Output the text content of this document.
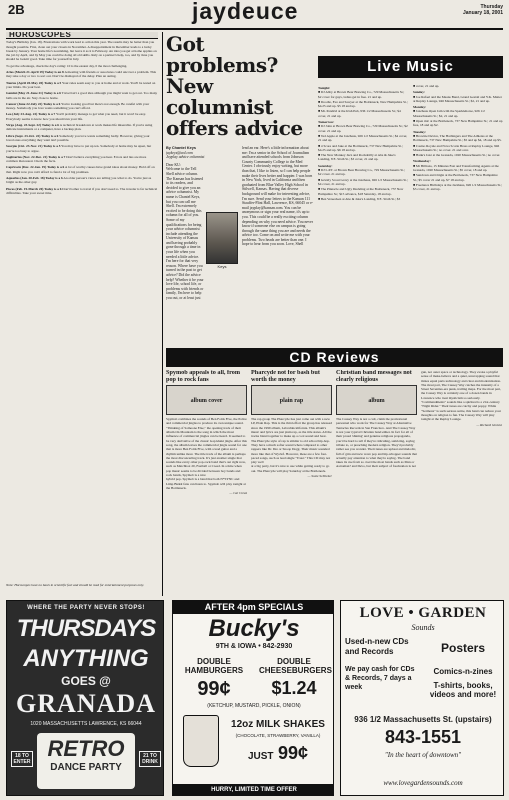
2B	jaydeuce	Thursday
January 18, 2001
HOROSCOPES

Today's Birthday (Jan. 18). Frustrations with work lead to action this year. The results may be better than you thought possible. First, clean out your closets in November. A disappointment in December leads to a lucky break by January. Your home life's nourishing, but leave it as it is February. An idea you get at home applies on the job by April, and by May you could be doing all old skills. Rely on a partner's help, too, and by June you should be lookin' good. Take time for yourself in July.

To get the advantage, check the day's rating: 10 is the easiest day, 0 the most challenging.

Aries (March 21-April 19) Today is an 8 A meeting with friends or associates could uncover a problem. This may take a day or two to sort out. Don't be dismayed of the delay. Plan an outing.

Taurus (April 20-May 20) Today is a 5 Your rules seem easy to you at home and at work. You'll be tested on your limits. Do your best.

Gemini (May 21-June 21) Today is a 6 Travel isn't a good idea although you might want to get out. Too many balls are in the air. Stay close to home.

Cancer (June 22-July 22) Today is a 6 You're looking good but there's not enough. Be careful with your money. Somebody you love wants something you can't afford.

Leo (July 23-Aug. 22) Today is a 7 You'll probably manage to get what you need, but it won't be easy. Everybody seems to know how you should run your life.

Virgo (Aug. 23-Sept. 22) Today is a 6 A technical breakdown at work makes life miserable. If you're using delicate instruments or a computer, have a backup plan.

Libra (Sept. 23-Oct. 22) Today is a 6 Somebody you love wants something badly. However, giving your loved ones everything they want isn't possible.

Scorpio (Oct. 23-Nov. 21) Today is a 5 You may have to put up ten. Somebody at home may be upset, but you're too busy to argue.

Sagittarius (Nov. 22-Dec. 21) Today is a 7 Don't believe everything you hear. Errors and lies are more common than usual. Check the facts.

Capricorn (Dec. 22-Jan. 19) Today is a 6 A lot of worthy causes have grand ideas about money. Hold off on that. Right now you can't afford to fund a lot of big promises.

Aquarius (Jan. 20-Feb. 18) Today is a 6 An older person's views are telling you what to do. You're just as bright as the other guy.

Pisces (Feb. 19-March 20) Today is a 6 Don't bother to travel if you don't need to. The traveler is far technical difficulties. Take your sweet time.

Note: Horoscopes have no basis in scientific fact and should be read for entertainment purposes only.
Got problems? New columnist offers advice
By Chantel Keys
jaykeys@aol.com
Jayplay advice columnist
Dear KU:
Welcome to the Tell Shell advice column. The Kansan has listened to its readers, and decided to give you an advice columnist. My name is Chantel Keys, but you can call me Shell. I'm extremely excited to be doing this column for all of you. Some of my qualifications for being your advice columnist include attending the University of Kansas and having probably gone through a time in your life when you needed a little advice. I'm here for that very reason. Where have you turned in the past to get advice? Did the advice help? Whether it be your love life, school life, or problems with friends or family, I'm here to help you out, or at least just
Keys
lend an ear. Here's a little information about me: I'm a senior in the School of Journalism and have attended schools from Johnson County Community College to the Med Center. I obviously enjoy writing, but more than that, I like to listen, so I can help people make their lives better and happier. I was born in New York, lived in California and then graduated from Blue Valley High School in Stilwell, Kansas. Having that diverse background will make for interesting advice, I'm sure. Send your letters to the Kansan 111 Stauffer-Flint Hall, Lawrence, KS, 66045 or e-mail jayplay@kansan.com. You can be anonymous or sign your real name, it's up to you. This could be a really exciting column depending on why you need advice. You never know if someone else on campus is going through the same thing you are and needs the advice too. Come on and write me with your problems. Two heads are better than one. I hope to hear from you soon. Love, Shell
Live Music
Tonight:
■ DJ Abby at Brown Bear Brewing Co., 729 Massachusetts St.; $2 cover for guys, ladies get in free. 21 and up.
■ Doodle, Eve and Sawyer at the Bottleneck, New Hampshire St.; $4.25 and up. $5 18 and up.
■ Mr. Pendrid at the Irish Pub, 936 1/2 Massachusetts St.; $4 cover, 21 and up.
Tomorrow:
■ DJ John at Brown Bear Brewing Co., 729 Massachusetts St.; $2 cover. 21 and up.
■ Ted Apple at the Jazzhaus, 926 1/2 Massachusetts St.; $4 cover, 21 and up.
■ 4 Score and Jake at the Bottleneck, 737 New Hampshire St.; $4.25 and up. $6 18 and up.
■ The New Monkey Jazz and Rockabilly at Abe & Jake's Landing, 8 E. Sixth St.; $3 cover, 21 and up.
Saturday:
■ DJ L.P.T. at Brown Bear Brewing Co., 729 Massachusetts St.; $2 cover. 21 and up.
■ Grizzly Scout Gravy at the Jazzhaus, 926 1/2 Massachusetts St.; $4 cover, 21 and up.
■ The Pinnacle and Ugly Duckling at the Bottleneck, 737 New Hampshire St.; $15 advance, $18 Saturday, 18 and up.
■ Ben Vereecken at Abe & Jake's Landing, 8 E. Sixth St.; $3
■ cover, 21 and up.
Sunday:
■ Joe Rafael and the Means Band, Grand Gestalt and Y.K. Matter at Replay Lounge, 946 Massachusetts St.; $2, 21 and up.
Monday:
■ Jazzhaus Open Jam with the Sparklehorse, 926 1/2 Massachusetts St.; $2, 21 and up.
■ Open mic at the Bottleneck, 737 New Hampshire St.; 21 and up free, 18 and up $2.
Tuesday:
■ Brownie Device, The Harbingers and The Athletes at the Bottleneck, 737 New Hampshire St.; $5 and up $4, 18 and up $5.
■ Casino Royale and Nova Scotia Brass at Replay Lounge, 946 Massachusetts St.; no cover. 21 and over.
■ Hank's Jazz at the Granada, 1020 Massachusetts St.; no cover.
Wednesday:
■ Mr Billions, 15 Minutes Fast and Transforming Agents at the Granada, 1020 Massachusetts St.; $5 cover, 18 and up.
■ Sundown and Origin at the Bottleneck, 737 New Hampshire St.; $5 cover 21 and up, $7 18 and up.
■ Freelance Birthdays at the Jazzhaus, 926 1/2 Massachusetts St.; $3 cover, 21 and up.
CD Reviews
Spymob appeals to all, from pop to rock fans
album cover
Spymob combines the sounds of Ben Folds Five, the Police and commercial jingles to produce its own unique sound. "Thinking of Someone Else," the opening track of their album On Mountain is the song in which the most influence of commercial jingles can be heard. It seemed to be very derivative of the classic Gap khaki jingle. After this song, the album leaves the commercial jingle sound for one that is more Ben Folds Five, with a lead guitar and a rhythm unlike most. The title track of the album is perhaps the most disconcerting track. It's just another single that sounds like every other pop-rock band that's out right now, such as Matchbox 20, Fastball or Creed. In a time when pop music seems to be divided between boy bands and rock bands, Spymob is a nice
hybrid pop. Spymob is a band that both N*SYNC and Limp Bizkit fans can listen to. Spymob will play tonight at the Bottleneck.
— Cal Creek
Pharcyde not for bash but worth the money
plain rap
The rap group The Pharcyde has just come out with a new LP, Plain Rap. This is the third effort the group has released since the 1999 album, Labcabincalifornia. This album's music and lyrics are just plain rap, as the title states. All the tracks blend together to make up a cool sound and beat. The Pharcyde style of rap is similar to old school hip-hop. They have a much softer sound when compared to other rappers like Dr. Dre or Snoop Dogg. Their music sounded more like that of Wyclef. However, these are a few fast-paced songs, such as lead single "Trust." This CD may not play well
at a big party, but it's nice to use while getting ready to go out. The Pharcyde will play Saturday at the Bottleneck.
— Susie Schlicker
Christian band messages not clearly religious
album
The Causey Way is not a cult, claim the promotional personnel who work for The Causey Way at Alternative Tentacles Records in San Francisco. And The Causey Way is not your typical Christian band either. In fact for all of their proud 'shining' and genuine religious propaganda, you'd be hard to tell if they're ridiculing, satirizing, saying tribute to, or preaching modern religion. They'd probably rather see you wonder. Their tunes are upbeat and melodic, full of grin and new wave pop and hip-whopper sounds that actually pay attention to what they're saying. The band takes its cue from so overt the most bands such as Man or Astroman? and Devo, but their subject of fascination is not
gun, not outer space or technology. They evoke a playful sense of make-believe and a quiet, unwrapping sound that mixes equal parts technology and clear and modernization. The most part, The Causey Way catches the intensity of a Street Seventies-era punk, trailing maps. For the most part, the Causey Way is certainly one of a dozen bands in Lawrence who treat mysticism so seriously. "Commandments" sounds like a spiritual is a 21st-century "Night Rider." Their tunes are catchy and poppy. While "Sermons" is such serious satire, this band can reduce your thoughts on religion to fun. The Causey Way will play tonight at the Replay Lounge.
— Richard Gintovt
WHERE THE PARTY NEVER STOPS!
THURSDAYS
ANYTHING
GOES @
GRANADA
1020 MASSACHUSETTS LAWRENCE, KS 66044
RETRO
DANCE PARTY
18 TO ENTER
21 TO DRINK
AFTER 4pm SPECIALS
Bucky's
9TH & IOWA • 842-2930
DOUBLE HAMBURGERS
99¢
DOUBLE CHEESEBURGERS
$1.24
(KETCHUP, MUSTARD, PICKLE, ONION)
12oz MILK SHAKES
(CHOCOLATE, STRAWBERRY, VANILLA)
JUST 99¢
HURRY, LIMITED TIME OFFER
LOVE • GARDEN
Sounds
Used-n-new CDs and Records	Posters
We pay cash for CDs & Records, 7 days a week
Comics-n-zines
T-shirts, books, videos and more!
936 1/2 Massachusetts St. (upstairs)
843-1551
"In the heart of downtown"
www.lovegardensounds.com
